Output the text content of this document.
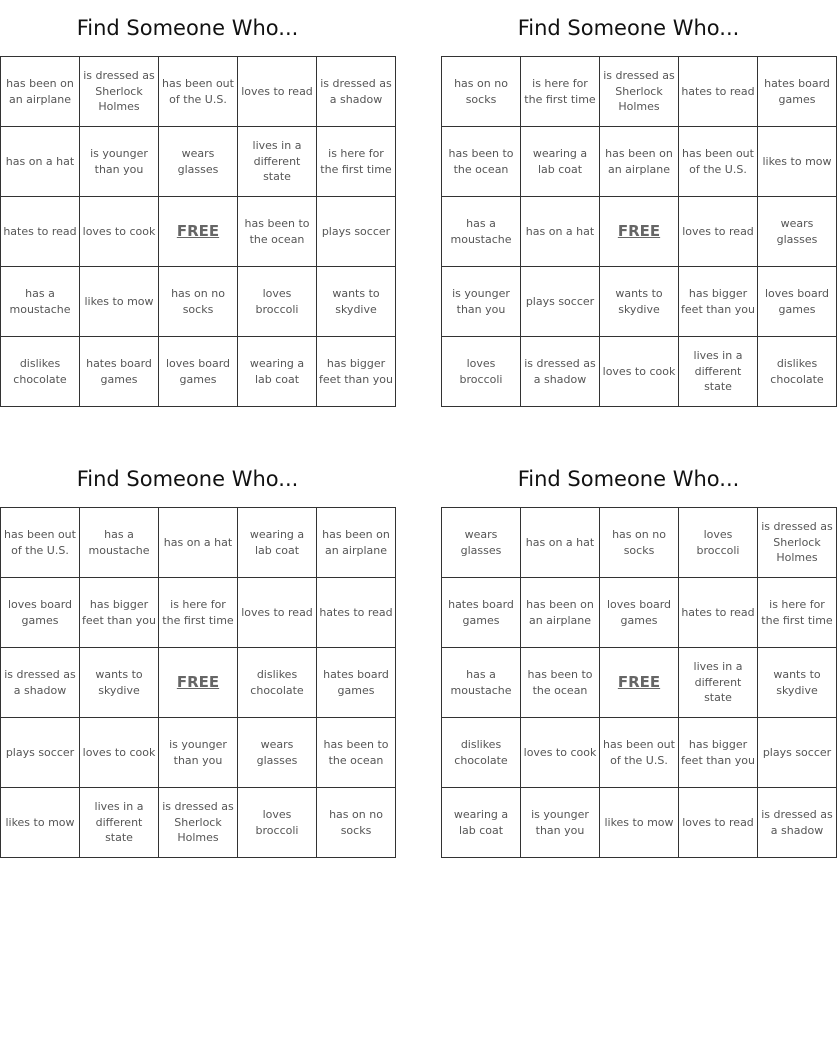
Find Someone Who...
has been on an airplane	is dressed as Sherlock Holmes	has been out of the U.S.	loves to read	is dressed as a shadow
has on a hat	is younger than you	wears glasses	lives in a different state	is here for the first time
hates to read	loves to cook	FREE	has been to the ocean	plays soccer
has a moustache	likes to mow	has on no socks	loves broccoli	wants to skydive
dislikes chocolate	hates board games	loves board games	wearing a lab coat	has bigger feet than you
Find Someone Who...
has on no socks	is here for the first time	is dressed as Sherlock Holmes	hates to read	hates board games
has been to the ocean	wearing a lab coat	has been on an airplane	has been out of the U.S.	likes to mow
has a moustache	has on a hat	FREE	loves to read	wears glasses
is younger than you	plays soccer	wants to skydive	has bigger feet than you	loves board games
loves broccoli	is dressed as a shadow	loves to cook	lives in a different state	dislikes chocolate
Find Someone Who...
has been out of the U.S.	has a moustache	has on a hat	wearing a lab coat	has been on an airplane
loves board games	has bigger feet than you	is here for the first time	loves to read	hates to read
is dressed as a shadow	wants to skydive	FREE	dislikes chocolate	hates board games
plays soccer	loves to cook	is younger than you	wears glasses	has been to the ocean
likes to mow	lives in a different state	is dressed as Sherlock Holmes	loves broccoli	has on no socks
Find Someone Who...
wears glasses	has on a hat	has on no socks	loves broccoli	is dressed as Sherlock Holmes
hates board games	has been on an airplane	loves board games	hates to read	is here for the first time
has a moustache	has been to the ocean	FREE	lives in a different state	wants to skydive
dislikes chocolate	loves to cook	has been out of the U.S.	has bigger feet than you	plays soccer
wearing a lab coat	is younger than you	likes to mow	loves to read	is dressed as a shadow
